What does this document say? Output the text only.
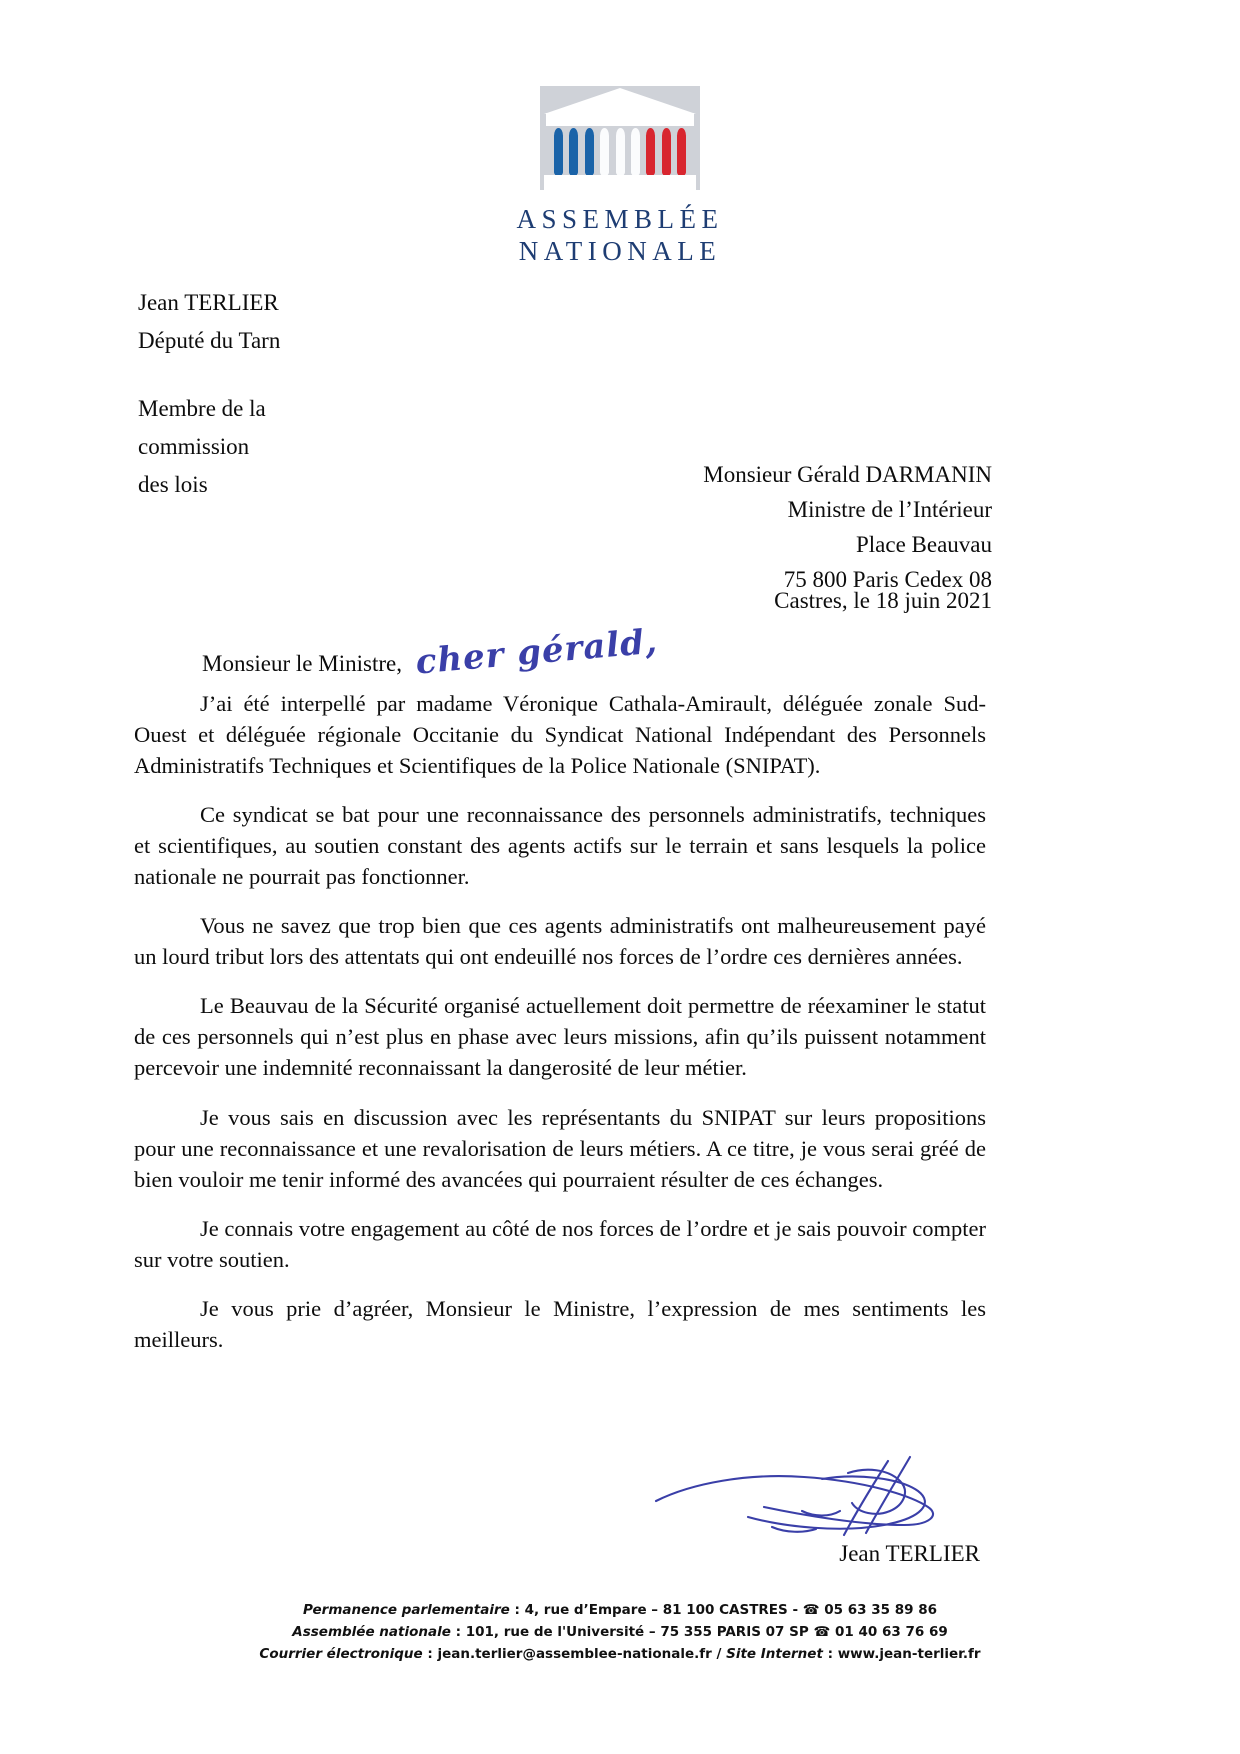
ASSEMBLÉE
NATIONALE
Jean TERLIER
Député du Tarn
Membre de la
commission
des lois	Monsieur Gérald DARMANIN
Ministre de l’Intérieur
Place Beauvau
75 800 Paris Cedex 08
Castres, le 18 juin 2021
Monsieur le Ministre, cher gérald,

J’ai été interpellé par madame Véronique Cathala-Amirault, déléguée zonale Sud-Ouest et déléguée régionale Occitanie du Syndicat National Indépendant des Personnels Administratifs Techniques et Scientifiques de la Police Nationale (SNIPAT).

Ce syndicat se bat pour une reconnaissance des personnels administratifs, techniques et scientifiques, au soutien constant des agents actifs sur le terrain et sans lesquels la police nationale ne pourrait pas fonctionner.

Vous ne savez que trop bien que ces agents administratifs ont malheureusement payé un lourd tribut lors des attentats qui ont endeuillé nos forces de l’ordre ces dernières années.

Le Beauvau de la Sécurité organisé actuellement doit permettre de réexaminer le statut de ces personnels qui n’est plus en phase avec leurs missions, afin qu’ils puissent notamment percevoir une indemnité reconnaissant la dangerosité de leur métier.

Je vous sais en discussion avec les représentants du SNIPAT sur leurs propositions pour une reconnaissance et une revalorisation de leurs métiers. A ce titre, je vous serai gréé de bien vouloir me tenir informé des avancées qui pourraient résulter de ces échanges.

Je connais votre engagement au côté de nos forces de l’ordre et je sais pouvoir compter sur votre soutien.

Je vous prie d’agréer, Monsieur le Ministre, l’expression de mes sentiments les meilleurs.

Jean TERLIER
Permanence parlementaire : 4, rue d’Empare – 81 100 CASTRES - ☎ 05 63 35 89 86
Assemblée nationale : 101, rue de l'Université – 75 355 PARIS 07 SP ☎ 01 40 63 76 69
Courrier électronique : jean.terlier@assemblee-nationale.fr / Site Internet : www.jean-terlier.fr
